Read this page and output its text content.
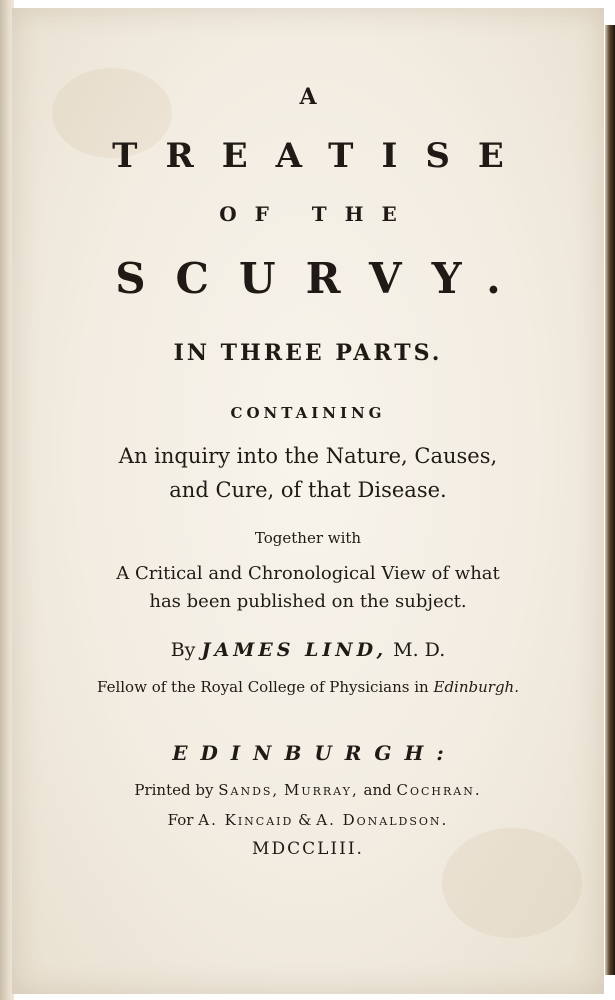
A
TREATISE
OF THE
SCURVY.
IN THREE PARTS.
CONTAINING
An inquiry into the Nature, Causes,
and Cure, of that Disease.
Together with
A Critical and Chronological View of what
has been published on the subject.
By JAMES LIND, M. D.
Fellow of the Royal College of Physicians in Edinburgh.
EDINBURGH:
Printed by Sands, Murray, and Cochran.
For A. Kincaid & A. Donaldson.
MDCCLIII.
